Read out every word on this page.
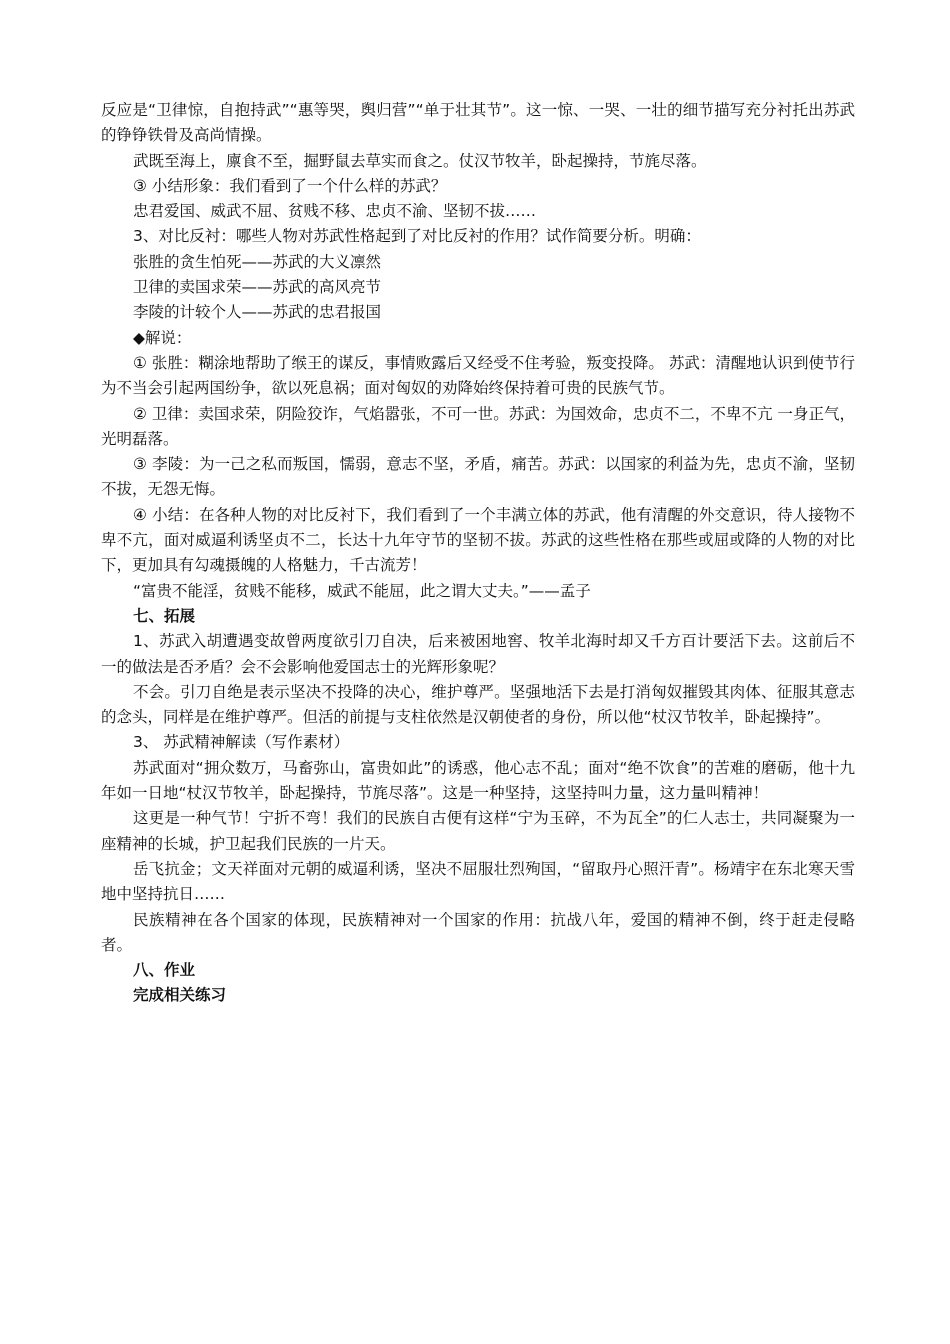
反应是“卫律惊，自抱持武”“惠等哭，舆归营”“单于壮其节”。这一惊、一哭、一壮的细节描写充分衬托出苏武的铮铮铁骨及高尚情操。

武既至海上，廪食不至，掘野鼠去草实而食之。仗汉节牧羊，卧起操持，节旄尽落。

③ 小结形象：我们看到了一个什么样的苏武？

忠君爱国、威武不屈、贫贱不移、忠贞不渝、坚韧不拔……

3、对比反衬：哪些人物对苏武性格起到了对比反衬的作用？试作简要分析。明确：

张胜的贪生怕死——苏武的大义凛然

卫律的卖国求荣——苏武的高风亮节

李陵的计较个人——苏武的忠君报国

◆解说：

① 张胜：糊涂地帮助了缑王的谋反，事情败露后又经受不住考验，叛变投降。 苏武：清醒地认识到使节行为不当会引起两国纷争，欲以死息祸；面对匈奴的劝降始终保持着可贵的民族气节。

② 卫律：卖国求荣，阴险狡诈，气焰嚣张，不可一世。苏武：为国效命，忠贞不二，不卑不亢 一身正气，光明磊落。

③ 李陵：为一己之私而叛国，懦弱，意志不坚，矛盾，痛苦。苏武：以国家的利益为先，忠贞不渝，坚韧不拔，无怨无悔。

④ 小结：在各种人物的对比反衬下，我们看到了一个丰满立体的苏武，他有清醒的外交意识，待人接物不卑不亢，面对威逼利诱坚贞不二，长达十九年守节的坚韧不拔。苏武的这些性格在那些或屈或降的人物的对比下，更加具有勾魂摄魄的人格魅力，千古流芳！

“富贵不能淫，贫贱不能移，威武不能屈，此之谓大丈夫。”——孟子

七、拓展

1、苏武入胡遭遇变故曾两度欲引刀自决，后来被困地窖、牧羊北海时却又千方百计要活下去。这前后不一的做法是否矛盾？会不会影响他爱国志士的光辉形象呢？

不会。引刀自绝是表示坚决不投降的决心，维护尊严。坚强地活下去是打消匈奴摧毁其肉体、征服其意志的念头，同样是在维护尊严。但活的前提与支柱依然是汉朝使者的身份，所以他“杖汉节牧羊，卧起操持”。

3、 苏武精神解读（写作素材）

苏武面对“拥众数万，马畜弥山，富贵如此”的诱惑，他心志不乱；面对“绝不饮食”的苦难的磨砺，他十九年如一日地“杖汉节牧羊，卧起操持，节旄尽落”。这是一种坚持，这坚持叫力量，这力量叫精神！

这更是一种气节！宁折不弯！我们的民族自古便有这样“宁为玉碎，不为瓦全”的仁人志士，共同凝聚为一座精神的长城，护卫起我们民族的一片天。

岳飞抗金；文天祥面对元朝的威逼利诱，坚决不屈服壮烈殉国，“留取丹心照汗青”。杨靖宇在东北寒天雪地中坚持抗日……

民族精神在各个国家的体现，民族精神对一个国家的作用：抗战八年，爱国的精神不倒，终于赶走侵略者。

八、作业

完成相关练习
